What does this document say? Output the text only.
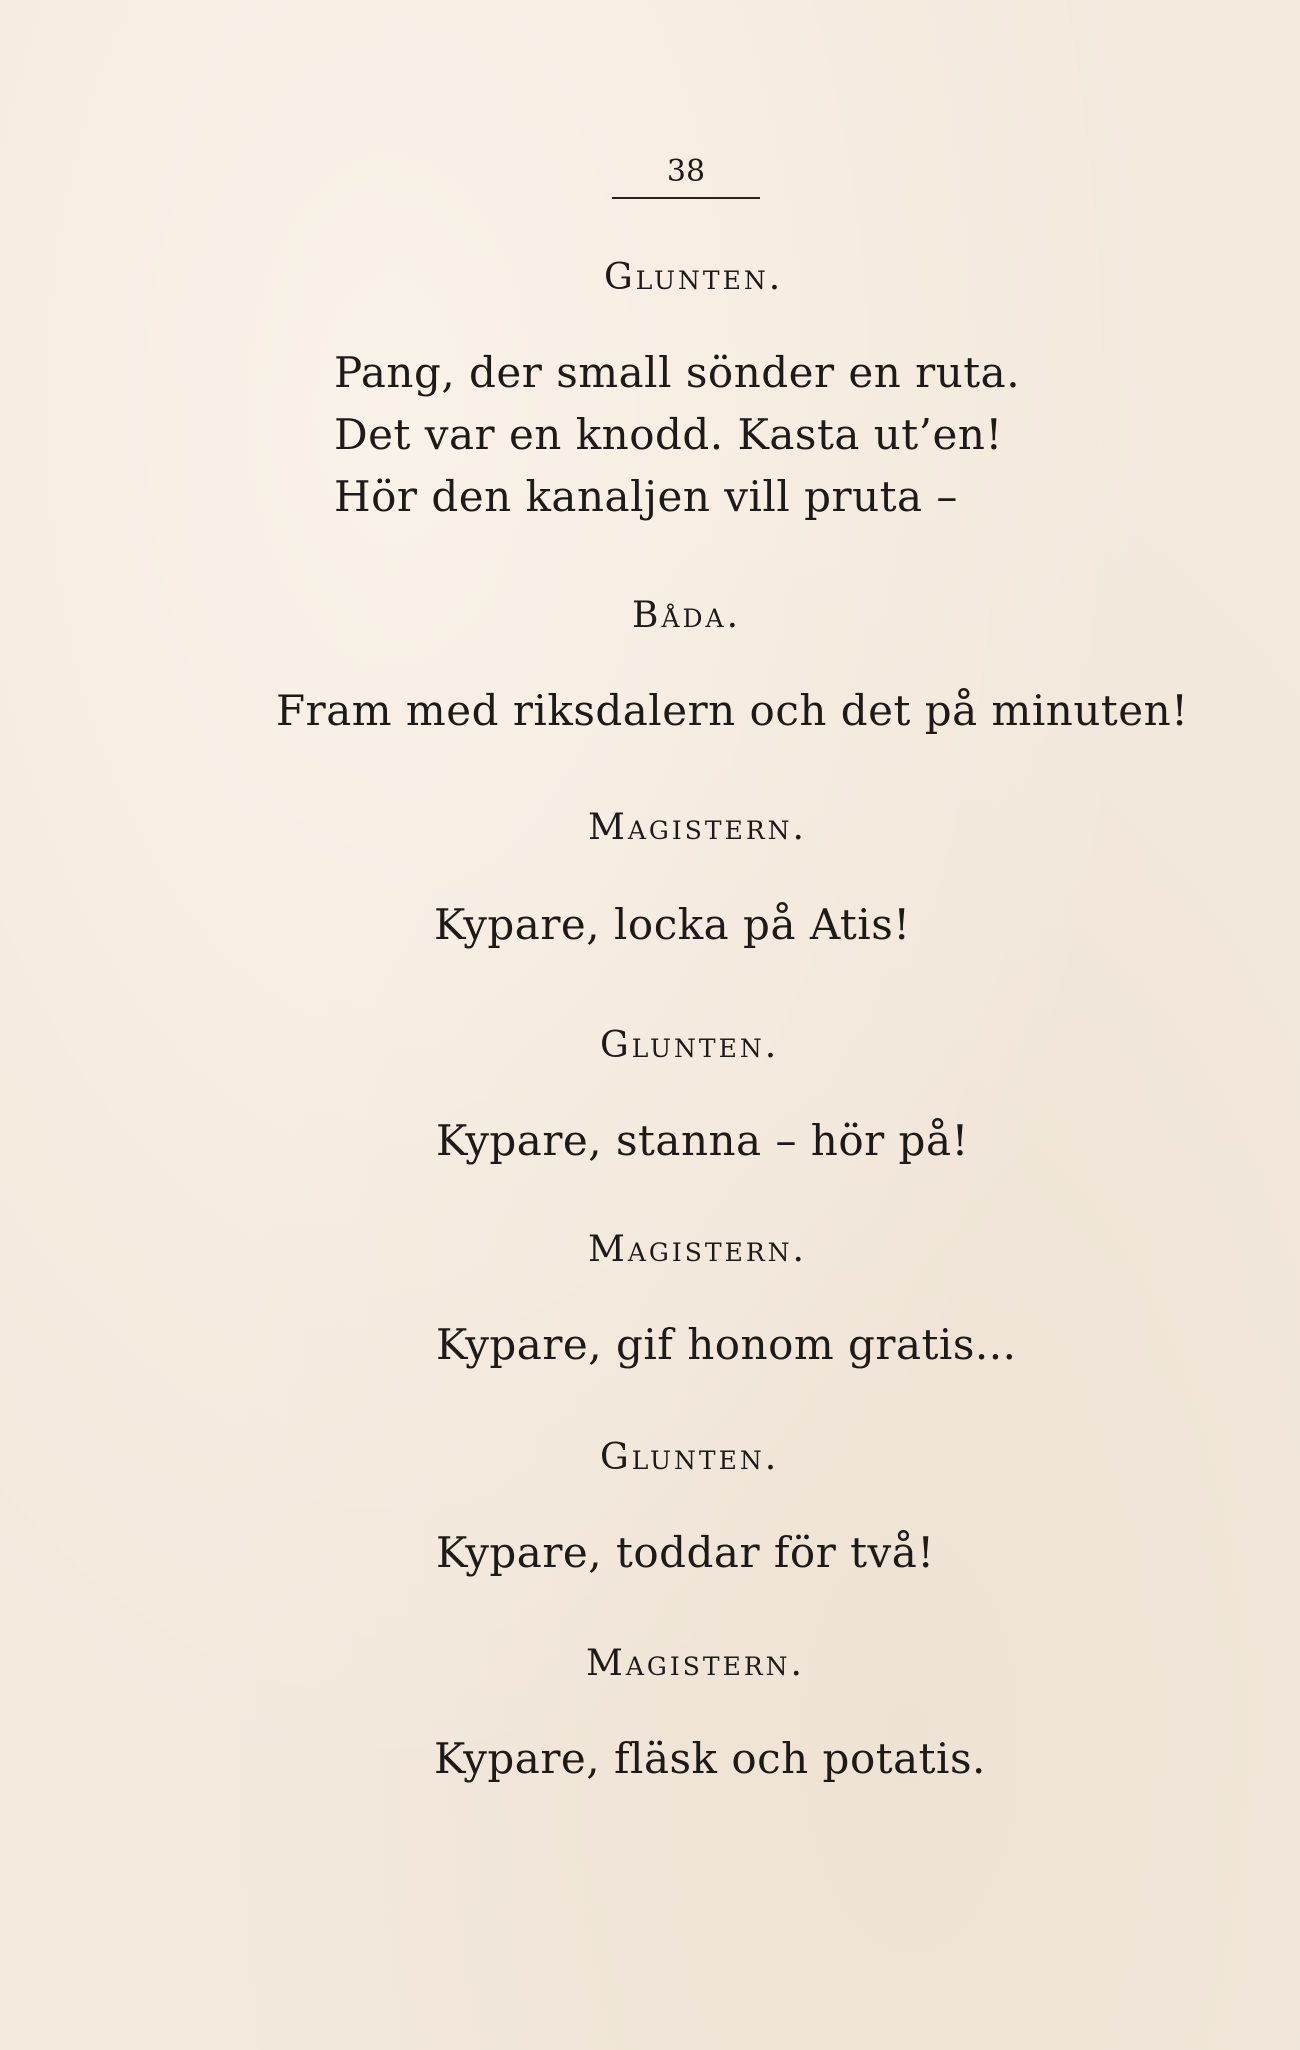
38
Glunten.
Pang, der small sönder en ruta.
Det var en knodd. Kasta ut’en!
Hör den kanaljen vill pruta –
Båda.
Fram med riksdalern och det på minuten!
Magistern.
Kypare, locka på Atis!
Glunten.
Kypare, stanna – hör på!
Magistern.
Kypare, gif honom gratis...
Glunten.
Kypare, toddar för två!
Magistern.
Kypare, fläsk och potatis.
